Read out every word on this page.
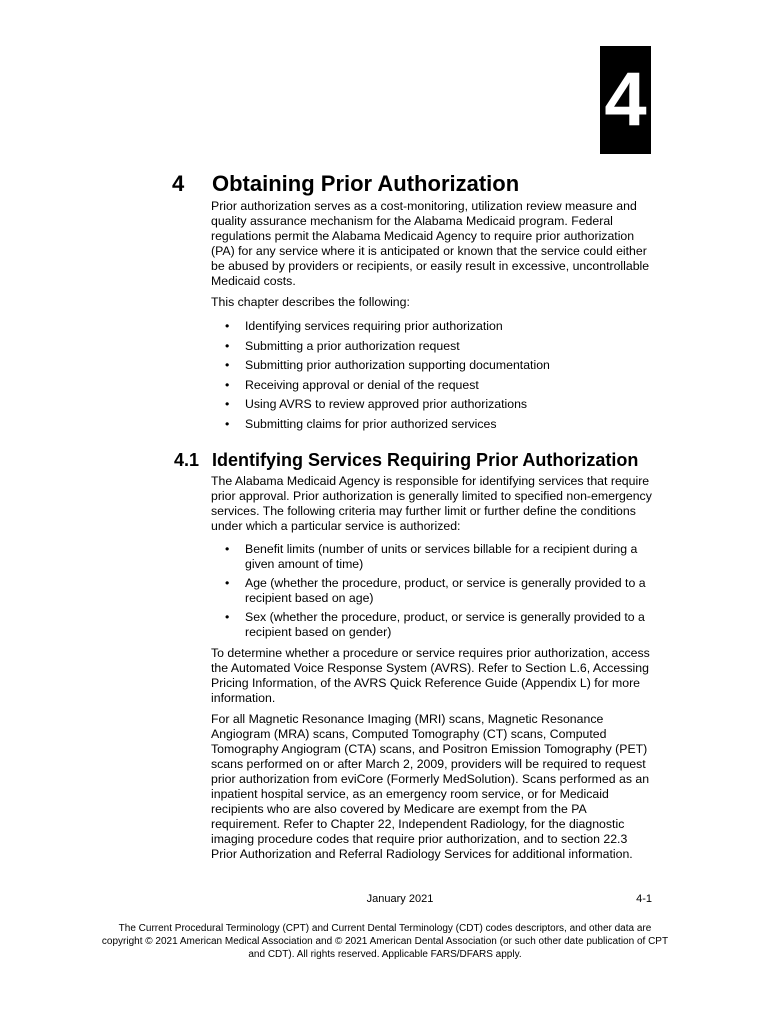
4
4 Obtaining Prior Authorization

Prior authorization serves as a cost-monitoring, utilization review measure and quality assurance mechanism for the Alabama Medicaid program. Federal regulations permit the Alabama Medicaid Agency to require prior authorization (PA) for any service where it is anticipated or known that the service could either be abused by providers or recipients, or easily result in excessive, uncontrollable Medicaid costs.

This chapter describes the following:

• Identifying services requiring prior authorization
• Submitting a prior authorization request
• Submitting prior authorization supporting documentation
• Receiving approval or denial of the request
• Using AVRS to review approved prior authorizations
• Submitting claims for prior authorized services
4.1 Identifying Services Requiring Prior Authorization

The Alabama Medicaid Agency is responsible for identifying services that require prior approval. Prior authorization is generally limited to specified non-emergency services. The following criteria may further limit or further define the conditions under which a particular service is authorized:

• Benefit limits (number of units or services billable for a recipient during a given amount of time)
• Age (whether the procedure, product, or service is generally provided to a recipient based on age)
• Sex (whether the procedure, product, or service is generally provided to a recipient based on gender)

To determine whether a procedure or service requires prior authorization, access the Automated Voice Response System (AVRS). Refer to Section L.6, Accessing Pricing Information, of the AVRS Quick Reference Guide (Appendix L) for more information.

For all Magnetic Resonance Imaging (MRI) scans, Magnetic Resonance Angiogram (MRA) scans, Computed Tomography (CT) scans, Computed Tomography Angiogram (CTA) scans, and Positron Emission Tomography (PET) scans performed on or after March 2, 2009, providers will be required to request prior authorization from eviCore (Formerly MedSolution). Scans performed as an inpatient hospital service, as an emergency room service, or for Medicaid recipients who are also covered by Medicare are exempt from the PA requirement. Refer to Chapter 22, Independent Radiology, for the diagnostic imaging procedure codes that require prior authorization, and to section 22.3 Prior Authorization and Referral Radiology Services for additional information.

January 2021	4-1
The Current Procedural Terminology (CPT) and Current Dental Terminology (CDT) codes descriptors, and other data are copyright © 2021 American Medical Association and © 2021 American Dental Association (or such other date publication of CPT and CDT). All rights reserved. Applicable FARS/DFARS apply.
